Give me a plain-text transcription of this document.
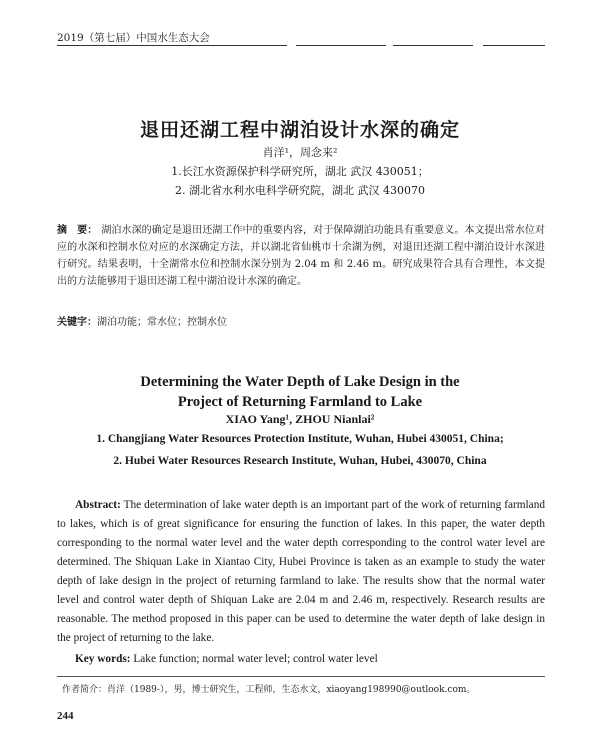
2019（第七届）中国水生态大会
退田还湖工程中湖泊设计水深的确定
肖洋¹，周念来²
1.长江水资源保护科学研究所，湖北 武汉 430051；
2. 湖北省水利水电科学研究院，湖北 武汉 430070
摘　要： 湖泊水深的确定是退田还湖工作中的重要内容，对于保障湖泊功能具有重要意义。本文提出常水位对应的水深和控制水位对应的水深确定方法，并以湖北省仙桃市十余湖为例，对退田还湖工程中湖泊设计水深进行研究。结果表明，十全湖常水位和控制水深分别为 2.04 m 和 2.46 m。研究成果符合具有合理性，本文提出的方法能够用于退田还湖工程中湖泊设计水深的确定。
关键字：湖泊功能；常水位；控制水位
Determining the Water Depth of Lake Design in the
Project of Returning Farmland to Lake
XIAO Yang¹, ZHOU Nianlai²
1. Changjiang Water Resources Protection Institute, Wuhan, Hubei 430051, China;
2. Hubei Water Resources Research Institute, Wuhan, Hubei, 430070, China
Abstract: The determination of lake water depth is an important part of the work of returning farmland to lakes, which is of great significance for ensuring the function of lakes. In this paper, the water depth corresponding to the normal water level and the water depth corresponding to the control water level are determined. The Shiquan Lake in Xiantao City, Hubei Province is taken as an example to study the water depth of lake design in the project of returning farmland to lake. The results show that the normal water level and control water depth of Shiquan Lake are 2.04 m and 2.46 m, respectively. Research results are reasonable. The method proposed in this paper can be used to determine the water depth of lake design in the project of returning to the lake.
Key words: Lake function; normal water level; control water level
作者简介：肖洋（1989-），男，博士研究生，工程师，生态水文，xiaoyang198990@outlook.com。
244
